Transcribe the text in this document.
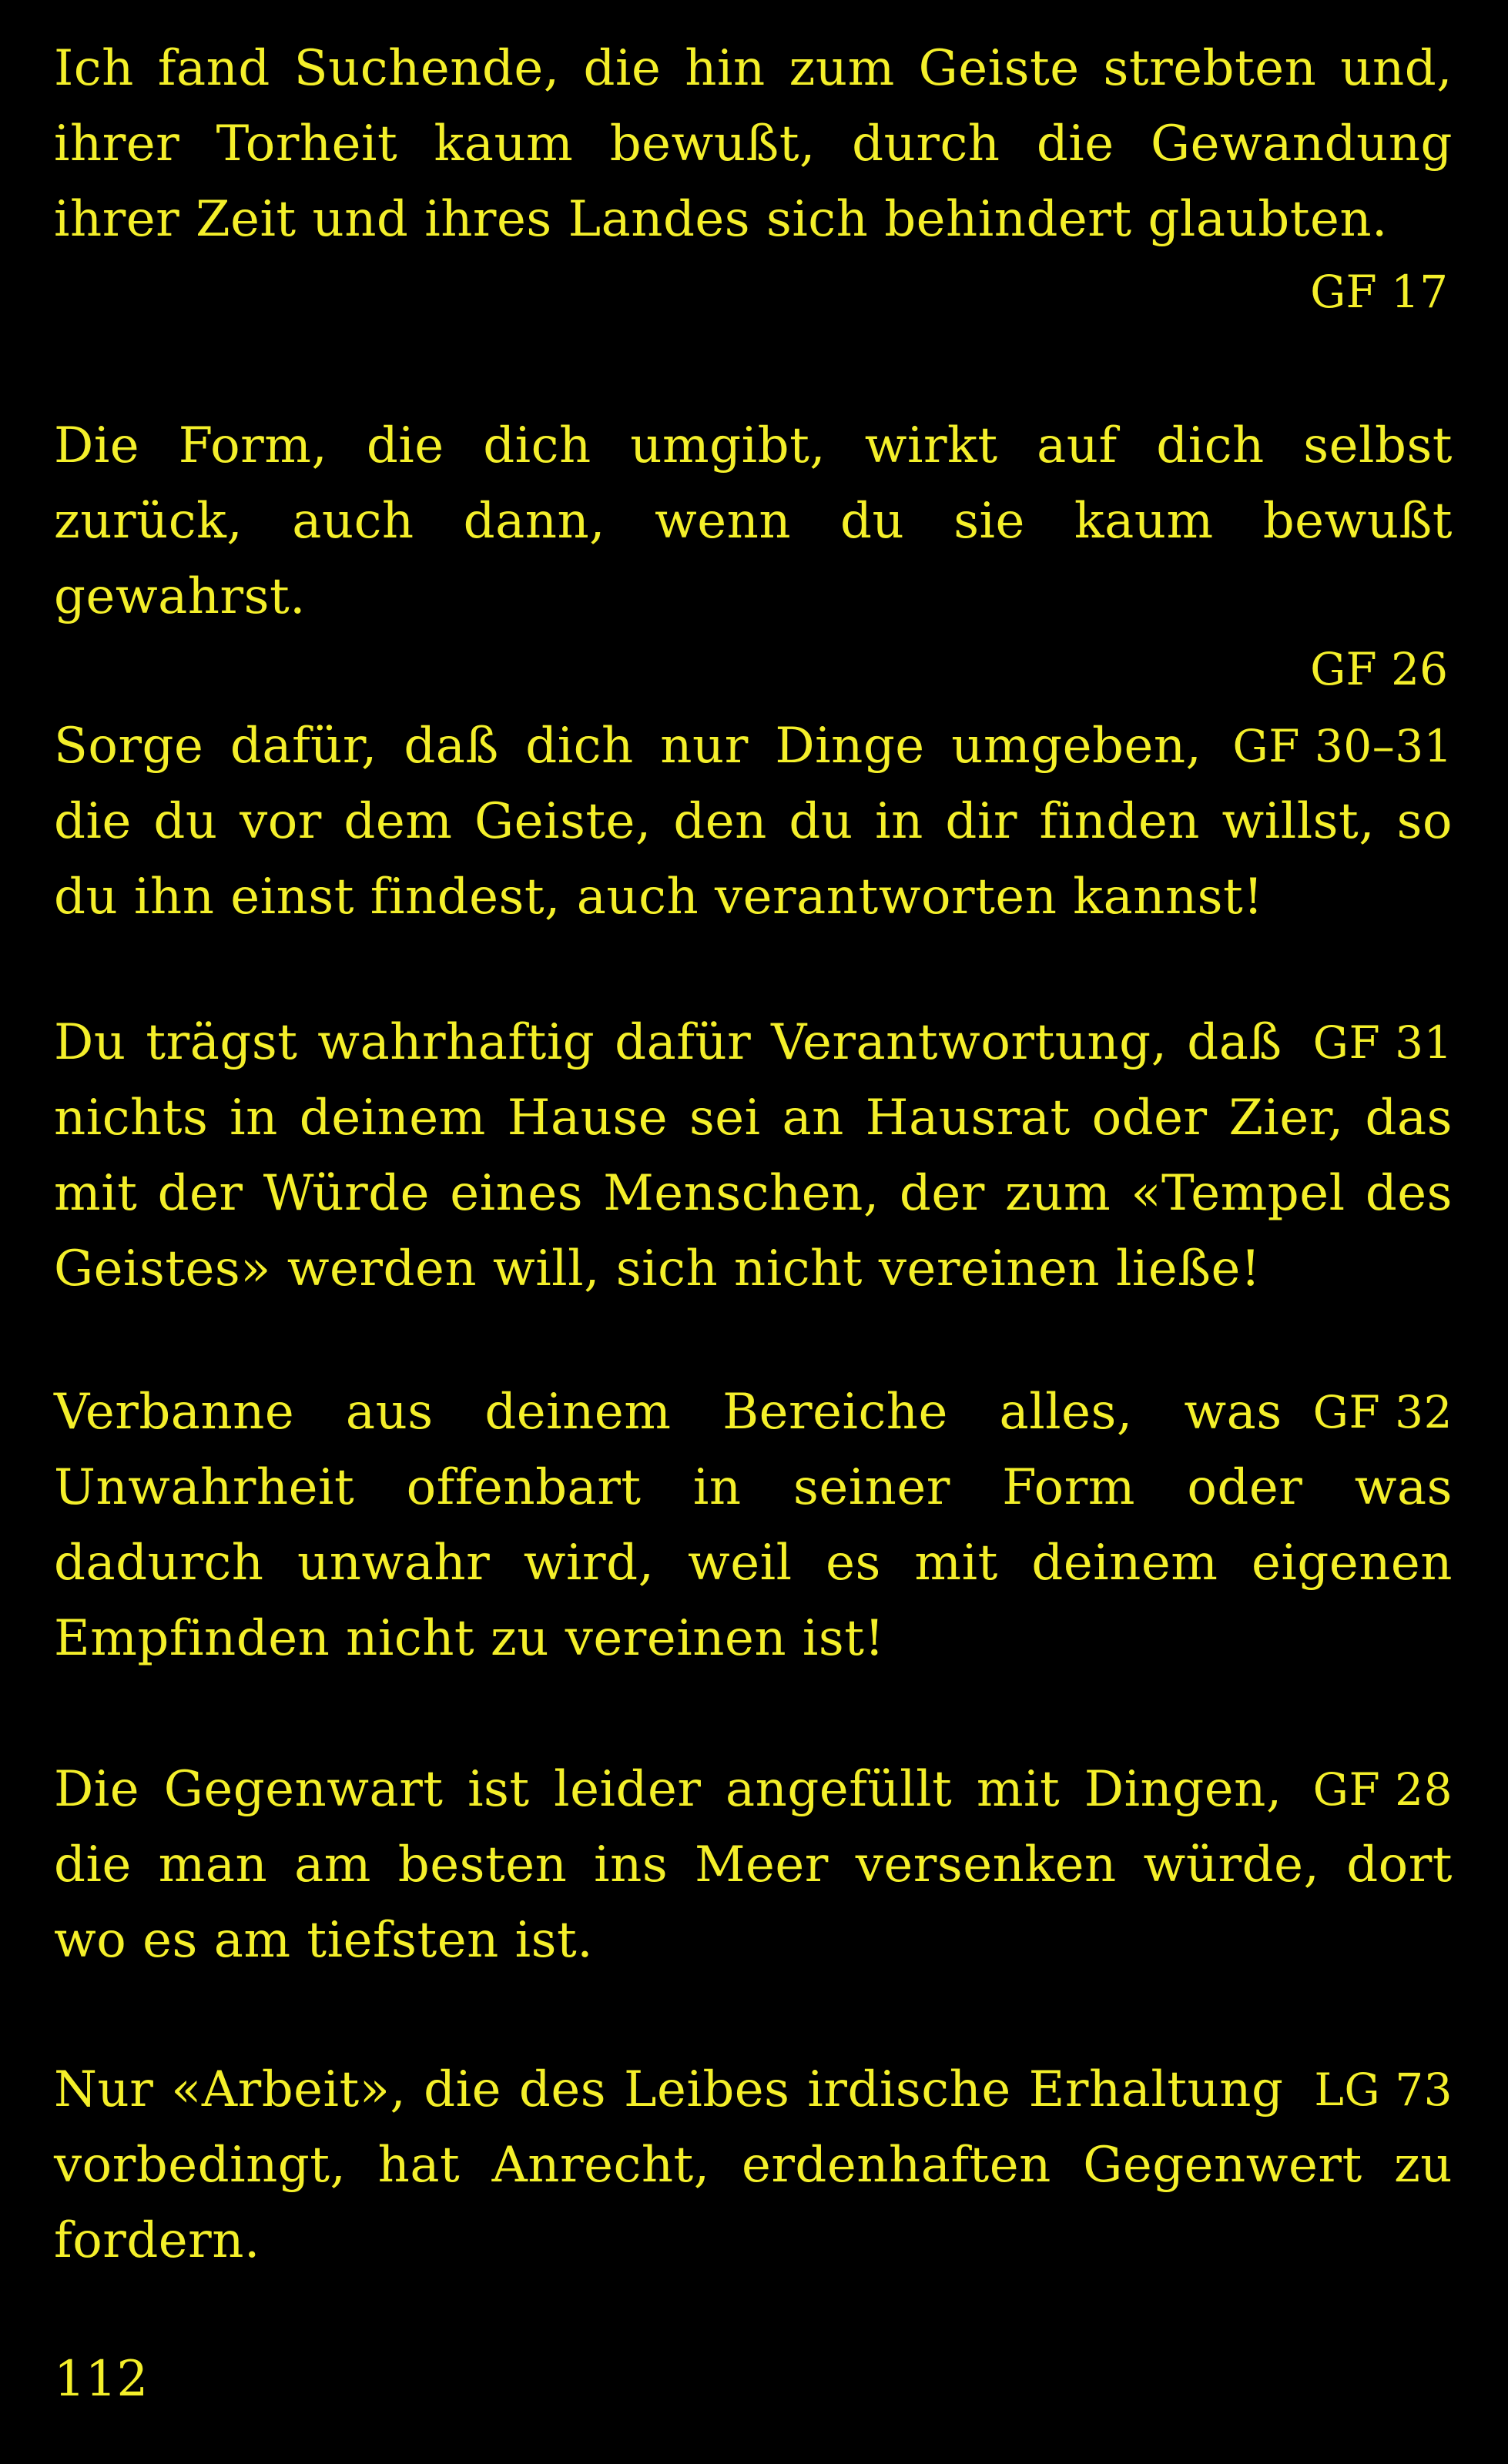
Ich fand Suchende, die hin zum Geiste strebten und, ihrer Torheit kaum bewußt, durch die Gewandung ihrer Zeit und ihres Landes sich behindert glaubten.

GF 17

Die Form, die dich umgibt, wirkt auf dich selbst zurück, auch dann, wenn du sie kaum bewußt gewahrst.

GF 26

GF 30–31
Sorge dafür, daß dich nur Dinge umgeben, die du vor dem Geiste, den du in dir finden willst, so du ihn einst findest, auch verantworten kannst!

GF 31
Du trägst wahrhaftig dafür Verantwortung, daß nichts in deinem Hause sei an Hausrat oder Zier, das mit der Würde eines Menschen, der zum «Tempel des Geistes» werden will, sich nicht vereinen ließe!

GF 32
Verbanne aus deinem Bereiche alles, was Unwahrheit offenbart in seiner Form oder was dadurch unwahr wird, weil es mit deinem eigenen Empfinden nicht zu vereinen ist!

GF 28
Die Gegenwart ist leider angefüllt mit Dingen, die man am besten ins Meer versenken würde, dort wo es am tiefsten ist.

LG 73
Nur «Arbeit», die des Leibes irdische Erhaltung vorbedingt, hat Anrecht, erdenhaften Gegenwert zu fordern.

112
